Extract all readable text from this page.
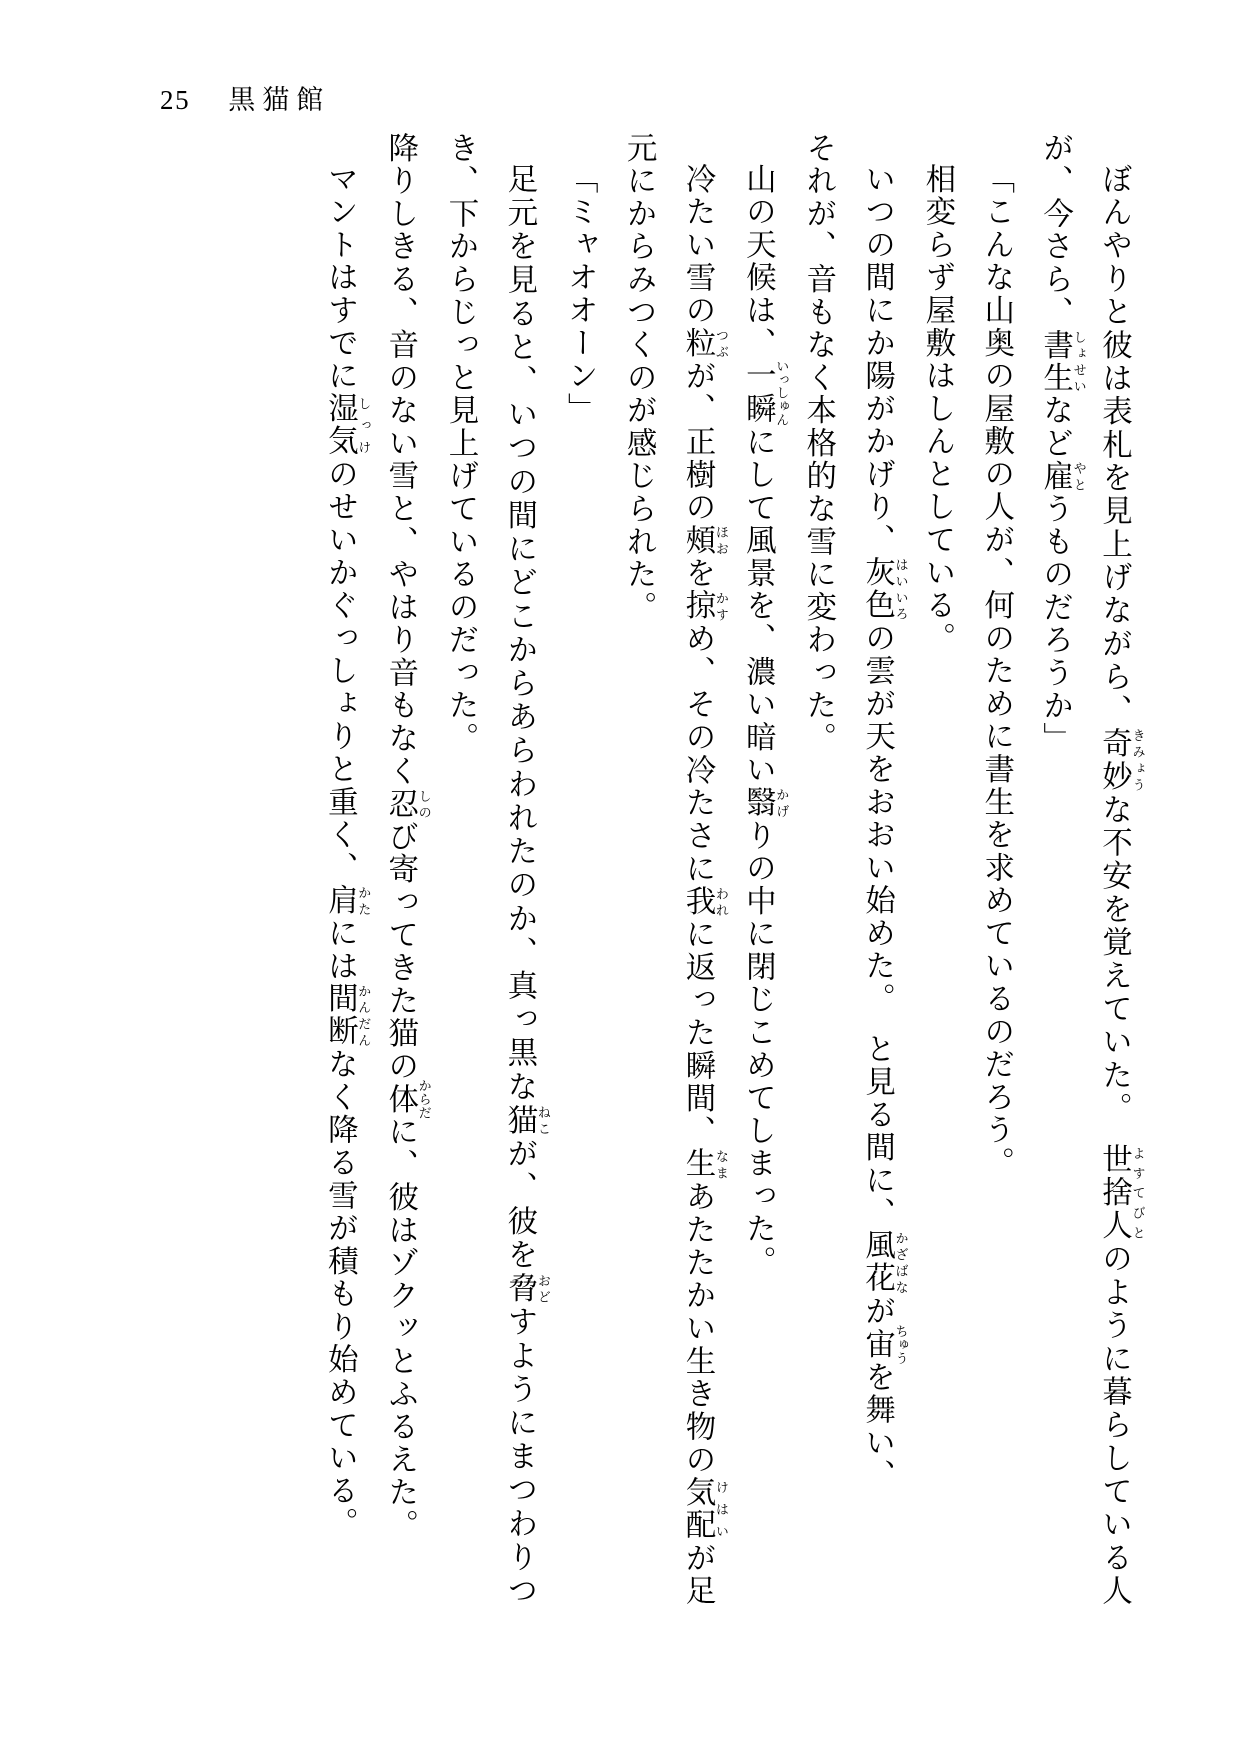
25 黒猫館

ぼんやりと彼は表札を見上げながら、奇妙きみょうな不安を覚えていた。　世捨人よすてびとのように暮らしている人が、今さら、書生しょせいなど雇やとうものだろうか」

「こんな山奥の屋敷の人が、何のために書生を求めているのだろう。

相変らず屋敷はしんとしている。

いつの間にか陽がかげり、灰色はいいろの雲が天をおおい始めた。　と見る間に、風花かざばなが宙ちゅうを舞い、

それが、音もなく本格的な雪に変わった。

山の天候は、一瞬いっしゅんにして風景を、濃い暗い翳かげりの中に閉じこめてしまった。

冷たい雪の粒つぶが、正樹の頰ほおを掠かすめ、その冷たさに我われに返った瞬間、生なまあたたかい生き物の気配けはいが足元にからみつくのが感じられた。

「ミャオオーン」

足元を見ると、いつの間にどこからあらわれたのか、真っ黒な猫ねこが、彼を脅おどすようにまつわりつき、下からじっと見上げているのだった。

降りしきる、音のない雪と、やはり音もなく忍しのび寄ってきた猫の体からだに、彼はゾクッとふるえた。

マントはすでに湿気しっけのせいかぐっしょりと重く、肩かたには間断かんだんなく降る雪が積もり始めている。
